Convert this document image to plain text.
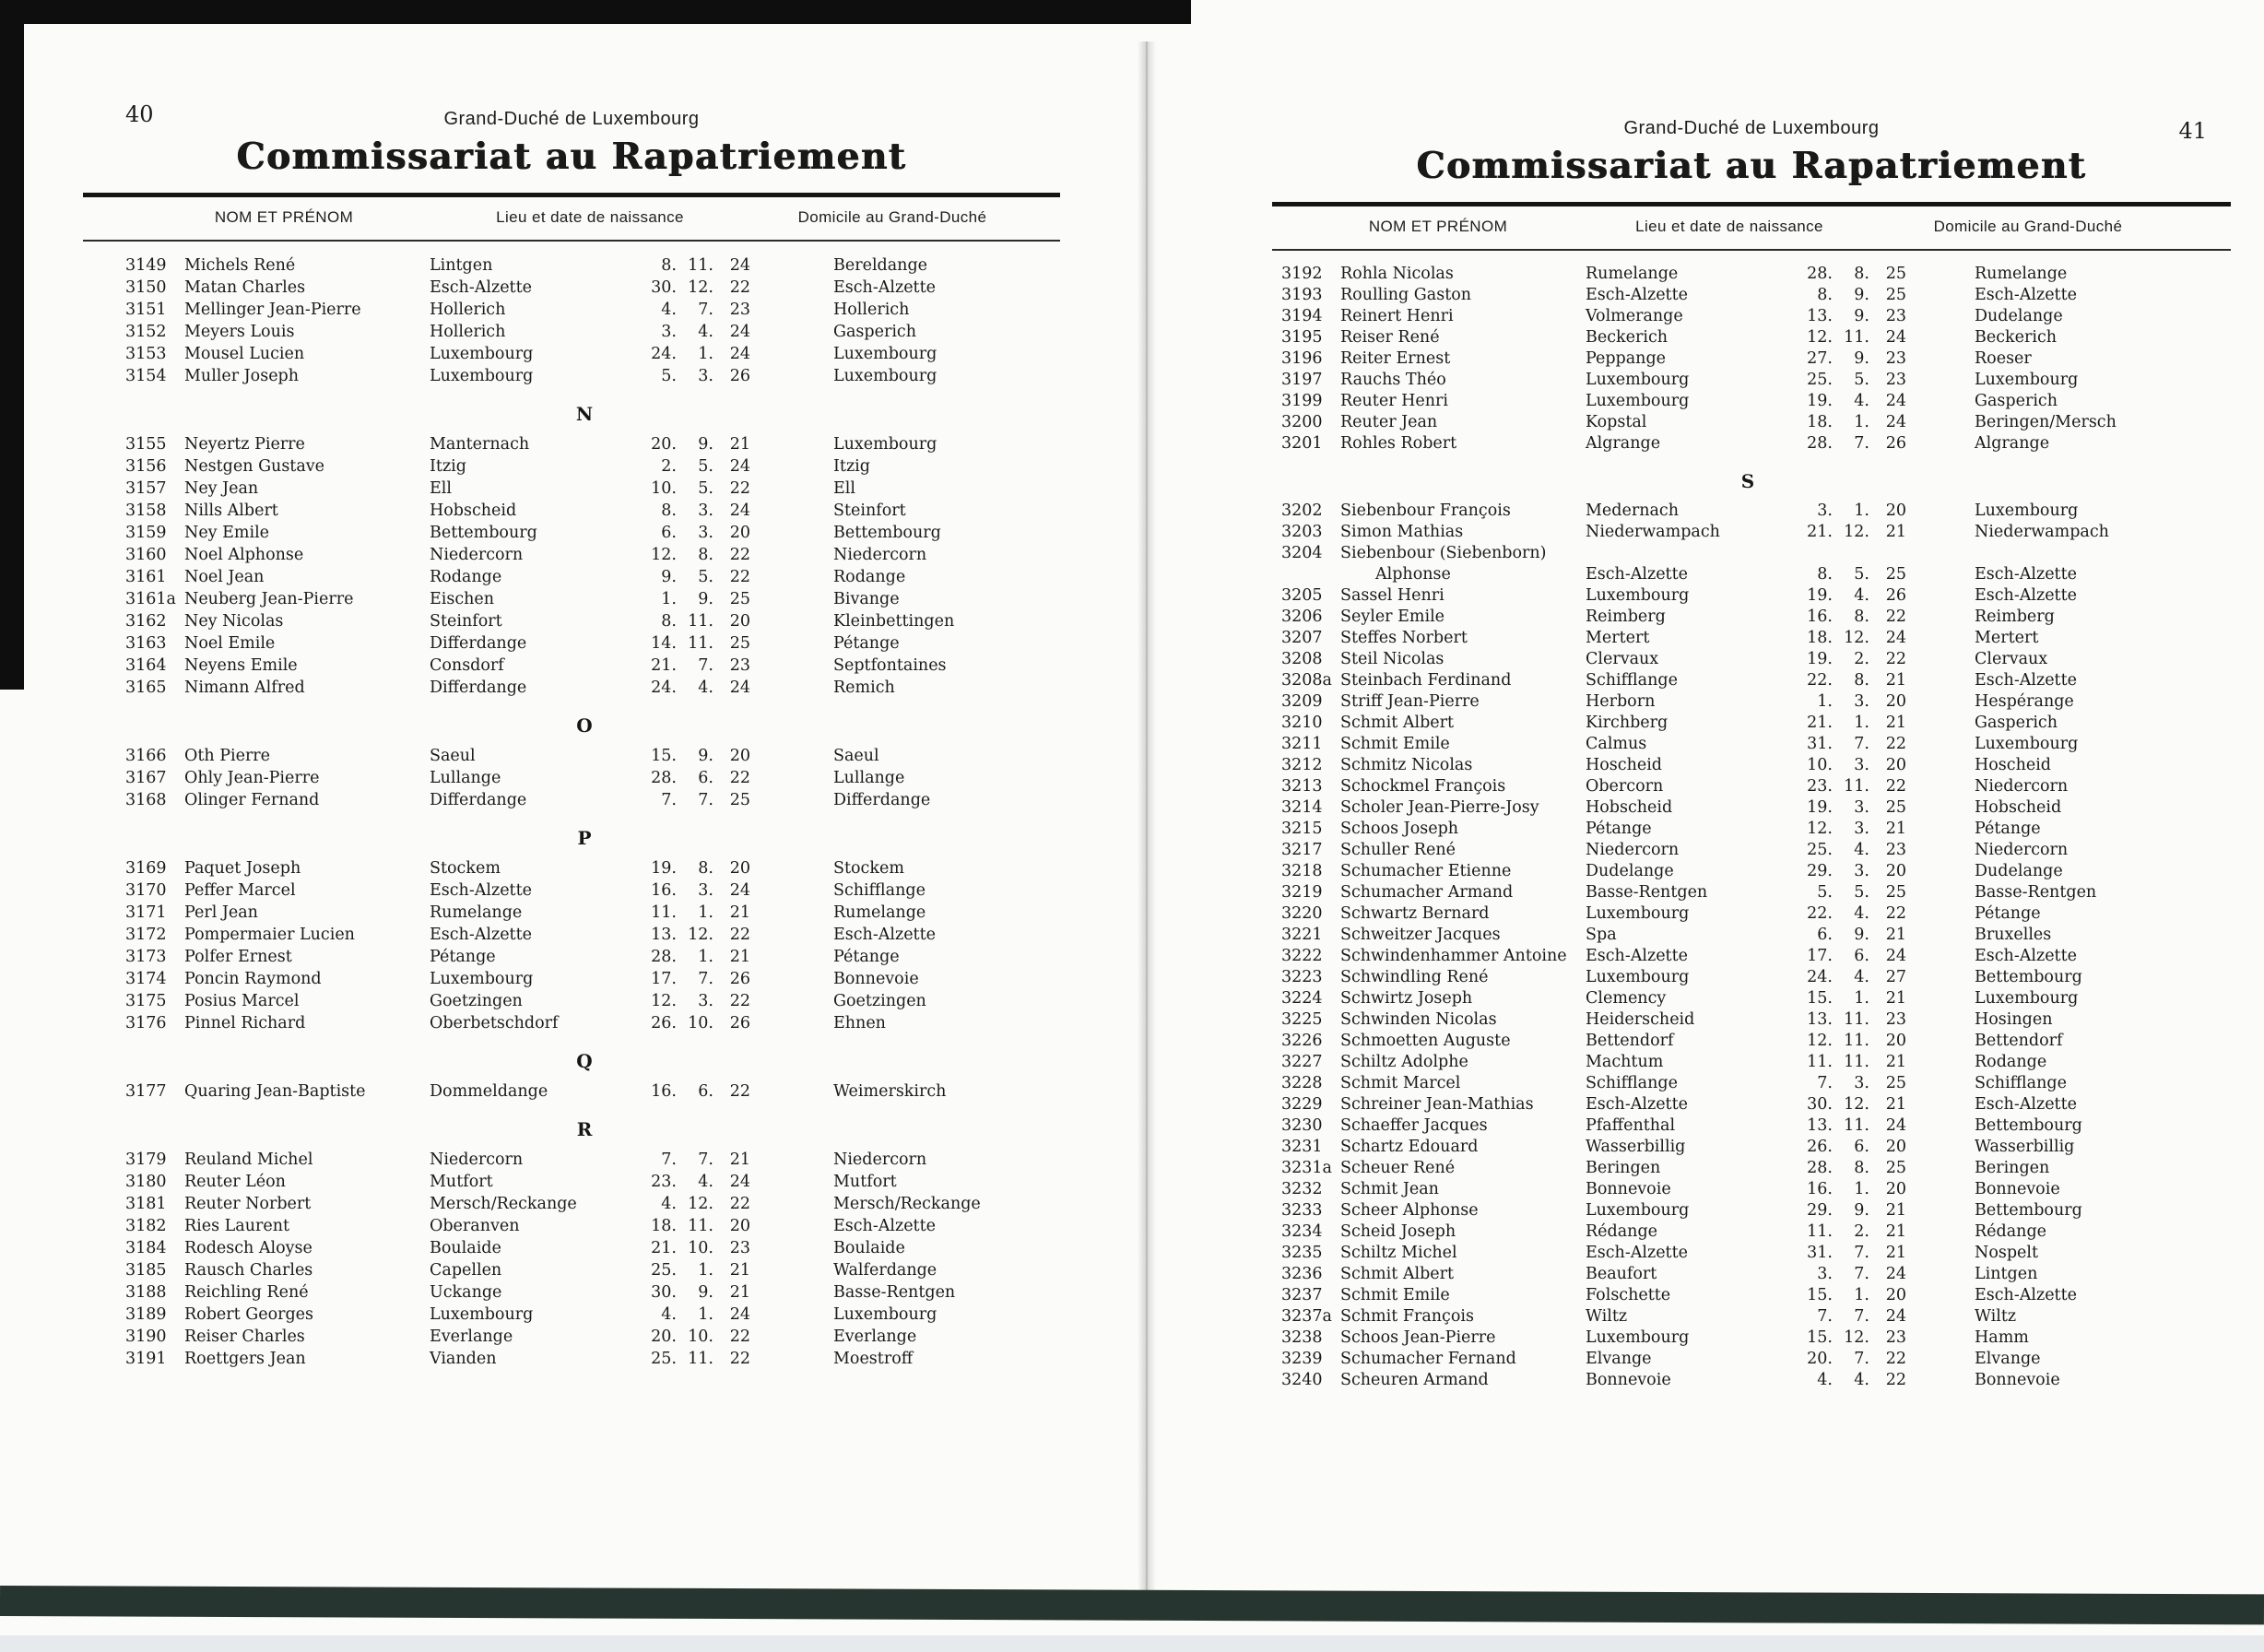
40	Grand-Duché de Luxembourg
Commissariat au Rapatriement
NOM ET PRÉNOM	Lieu et date de naissance	Domicile au Grand-Duché
3149	Michels René	Lintgen	8. 11.	24	Bereldange
3150	Matan Charles	Esch-Alzette	30. 12.	22	Esch-Alzette
3151	Mellinger Jean-Pierre	Hollerich	4.	7.	23	Hollerich
3152	Meyers Louis	Hollerich	3.	4.	24	Gasperich
3153	Mousel Lucien	Luxembourg	24.	1.	24	Luxembourg
3154	Muller Joseph	Luxembourg	5.	3.	26	Luxembourg
N
3155	Neyertz Pierre	Manternach	20.	9.	21	Luxembourg
3156	Nestgen Gustave	Itzig	2.	5.	24	Itzig
3157	Ney Jean	Ell	10.	5.	22	Ell
3158	Nills Albert	Hobscheid	8.	3.	24	Steinfort
3159	Ney Emile	Bettembourg	6.	3.	20	Bettembourg
3160	Noel Alphonse	Niedercorn	12.	8.	22	Niedercorn
3161	Noel Jean	Rodange	9.	5.	22	Rodange
3161a Neuberg Jean-Pierre	Eischen	1.	9.	25	Bivange
3162	Ney Nicolas	Steinfort	8. 11.	20	Kleinbettingen
3163	Noel Emile	Differdange	14. 11.	25	Pétange
3164	Neyens Emile	Consdorf	21.	7.	23	Septfontaines
3165	Nimann Alfred	Differdange	24.	4.	24	Remich
O
3166	Oth Pierre	Saeul	15.	9.	20	Saeul
3167	Ohly Jean-Pierre	Lullange	28.	6.	22	Lullange
3168	Olinger Fernand	Differdange	7.	7.	25	Differdange
P
3169	Paquet Joseph	Stockem	19.	8.	20	Stockem
3170	Peffer Marcel	Esch-Alzette	16.	3.	24	Schifflange
3171	Perl Jean	Rumelange	11.	1.	21	Rumelange
3172	Pompermaier Lucien	Esch-Alzette	13. 12.	22	Esch-Alzette
3173	Polfer Ernest	Pétange	28.	1.	21	Pétange
3174	Poncin Raymond	Luxembourg	17.	7.	26	Bonnevoie
3175	Posius Marcel	Goetzingen	12.	3.	22	Goetzingen
3176	Pinnel Richard	Oberbetschdorf	26. 10.	26	Ehnen
Q
3177	Quaring Jean-Baptiste	Dommeldange	16.	6.	22	Weimerskirch
R
3179	Reuland Michel	Niedercorn	7.	7.	21	Niedercorn
3180	Reuter Léon	Mutfort	23.	4.	24	Mutfort
3181	Reuter Norbert	Mersch/Reckange	4. 12.	22	Mersch/Reckange
3182	Ries Laurent	Oberanven	18. 11.	20	Esch-Alzette
3184	Rodesch Aloyse	Boulaide	21. 10.	23	Boulaide
3185	Rausch Charles	Capellen	25.	1.	21	Walferdange
3188	Reichling René	Uckange	30.	9.	21	Basse-Rentgen
3189	Robert Georges	Luxembourg	4.	1.	24	Luxembourg
3190	Reiser Charles	Everlange	20. 10.	22	Everlange
3191	Roettgers Jean	Vianden	25. 11.	22	Moestroff
41
Grand-Duché de Luxembourg
Commissariat au Rapatriement
NOM ET PRÉNOM	Lieu et date de naissance	Domicile au Grand-Duché
3192	Rohla Nicolas	Rumelange	28.	8.	25	Rumelange
3193	Roulling Gaston	Esch-Alzette	8.	9.	25	Esch-Alzette
3194	Reinert Henri	Volmerange	13.	9.	23	Dudelange
3195	Reiser René	Beckerich	12. 11.	24	Beckerich
3196	Reiter Ernest	Peppange	27.	9.	23	Roeser
3197	Rauchs Théo	Luxembourg	25.	5.	23	Luxembourg
3199	Reuter Henri	Luxembourg	19.	4.	24	Gasperich
3200	Reuter Jean	Kopstal	18.	1.	24	Beringen/Mersch
3201	Rohles Robert	Algrange	28.	7.	26	Algrange
S
3202	Siebenbour François	Medernach	3.	1.	20	Luxembourg
3203	Simon Mathias	Niederwampach	21. 12.	21	Niederwampach
3204	Siebenbour (Siebenborn)
Alphonse	Esch-Alzette	8.	5.	25	Esch-Alzette
3205	Sassel Henri	Luxembourg	19.	4.	26	Esch-Alzette
3206	Seyler Emile	Reimberg	16.	8.	22	Reimberg
3207	Steffes Norbert	Mertert	18. 12.	24	Mertert
3208	Steil Nicolas	Clervaux	19.	2.	22	Clervaux
3208a Steinbach Ferdinand	Schifflange	22.	8.	21	Esch-Alzette
3209	Striff Jean-Pierre	Herborn	1.	3.	20	Hespérange
3210	Schmit Albert	Kirchberg	21.	1.	21	Gasperich
3211	Schmit Emile	Calmus	31.	7.	22	Luxembourg
3212	Schmitz Nicolas	Hoscheid	10.	3.	20	Hoscheid
3213	Schockmel François	Obercorn	23. 11.	22	Niedercorn
3214	Scholer Jean-Pierre-Josy	Hobscheid	19.	3.	25	Hobscheid
3215	Schoos Joseph	Pétange	12.	3.	21	Pétange
3217	Schuller René	Niedercorn	25.	4.	23	Niedercorn
3218	Schumacher Etienne	Dudelange	29.	3.	20	Dudelange
3219	Schumacher Armand	Basse-Rentgen	5.	5.	25	Basse-Rentgen
3220	Schwartz Bernard	Luxembourg	22.	4.	22	Pétange
3221	Schweitzer Jacques	Spa	6.	9.	21	Bruxelles
3222	Schwindenhammer Antoine	Esch-Alzette	17.	6.	24	Esch-Alzette
3223	Schwindling René	Luxembourg	24.	4.	27	Bettembourg
3224	Schwirtz Joseph	Clemency	15.	1.	21	Luxembourg
3225	Schwinden Nicolas	Heiderscheid	13. 11.	23	Hosingen
3226	Schmoetten Auguste	Bettendorf	12. 11.	20	Bettendorf
3227	Schiltz Adolphe	Machtum	11. 11.	21	Rodange
3228	Schmit Marcel	Schifflange	7.	3.	25	Schifflange
3229	Schreiner Jean-Mathias	Esch-Alzette	30. 12.	21	Esch-Alzette
3230	Schaeffer Jacques	Pfaffenthal	13. 11.	24	Bettembourg
3231	Schartz Edouard	Wasserbillig	26.	6.	20	Wasserbillig
3231a Scheuer René	Beringen	28.	8.	25	Beringen
3232	Schmit Jean	Bonnevoie	16.	1.	20	Bonnevoie
3233	Scheer Alphonse	Luxembourg	29.	9.	21	Bettembourg
3234	Scheid Joseph	Rédange	11.	2.	21	Rédange
3235	Schiltz Michel	Esch-Alzette	31.	7.	21	Nospelt
3236	Schmit Albert	Beaufort	3.	7.	24	Lintgen
3237	Schmit Emile	Folschette	15.	1.	20	Esch-Alzette
3237a Schmit François	Wiltz	7.	7.	24	Wiltz
3238	Schoos Jean-Pierre	Luxembourg	15. 12.	23	Hamm
3239	Schumacher Fernand	Elvange	20.	7.	22	Elvange
3240	Scheuren Armand	Bonnevoie	4.	4.	22	Bonnevoie
